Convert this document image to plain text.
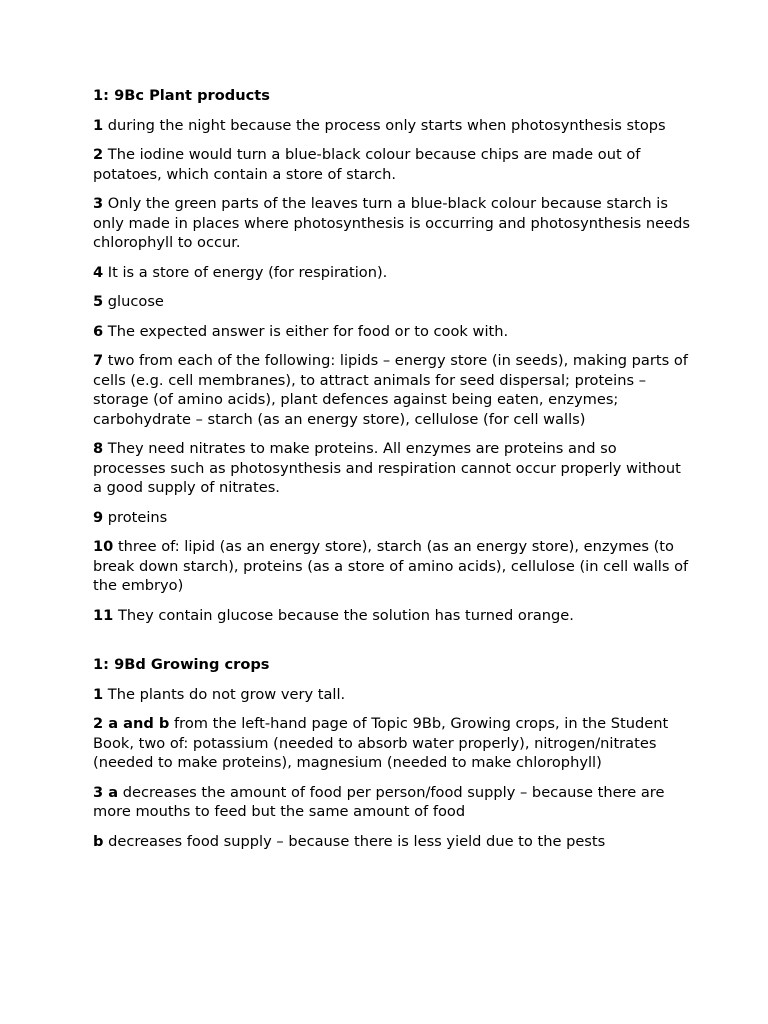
1: 9Bc Plant products

1 during the night because the process only starts when photosynthesis stops

2 The iodine would turn a blue-black colour because chips are made out of potatoes, which contain a store of starch.

3 Only the green parts of the leaves turn a blue-black colour because starch is only made in places where photosynthesis is occurring and photosynthesis needs chlorophyll to occur.

4 It is a store of energy (for respiration).

5 glucose

6 The expected answer is either for food or to cook with.

7 two from each of the following: lipids – energy store (in seeds), making parts of cells (e.g. cell membranes), to attract animals for seed dispersal; proteins – storage (of amino acids), plant defences against being eaten, enzymes; carbohydrate – starch (as an energy store), cellulose (for cell walls)

8 They need nitrates to make proteins. All enzymes are proteins and so processes such as photosynthesis and respiration cannot occur properly without a good supply of nitrates.

9 proteins

10 three of: lipid (as an energy store), starch (as an energy store), enzymes (to break down starch), proteins (as a store of amino acids), cellulose (in cell walls of the embryo)

11 They contain glucose because the solution has turned orange.

1: 9Bd Growing crops

1 The plants do not grow very tall.

2 a and b from the left-hand page of Topic 9Bb, Growing crops, in the Student Book, two of: potassium (needed to absorb water properly), nitrogen/nitrates (needed to make proteins), magnesium (needed to make chlorophyll)

3 a decreases the amount of food per person/food supply – because there are more mouths to feed but the same amount of food

b decreases food supply – because there is less yield due to the pests
